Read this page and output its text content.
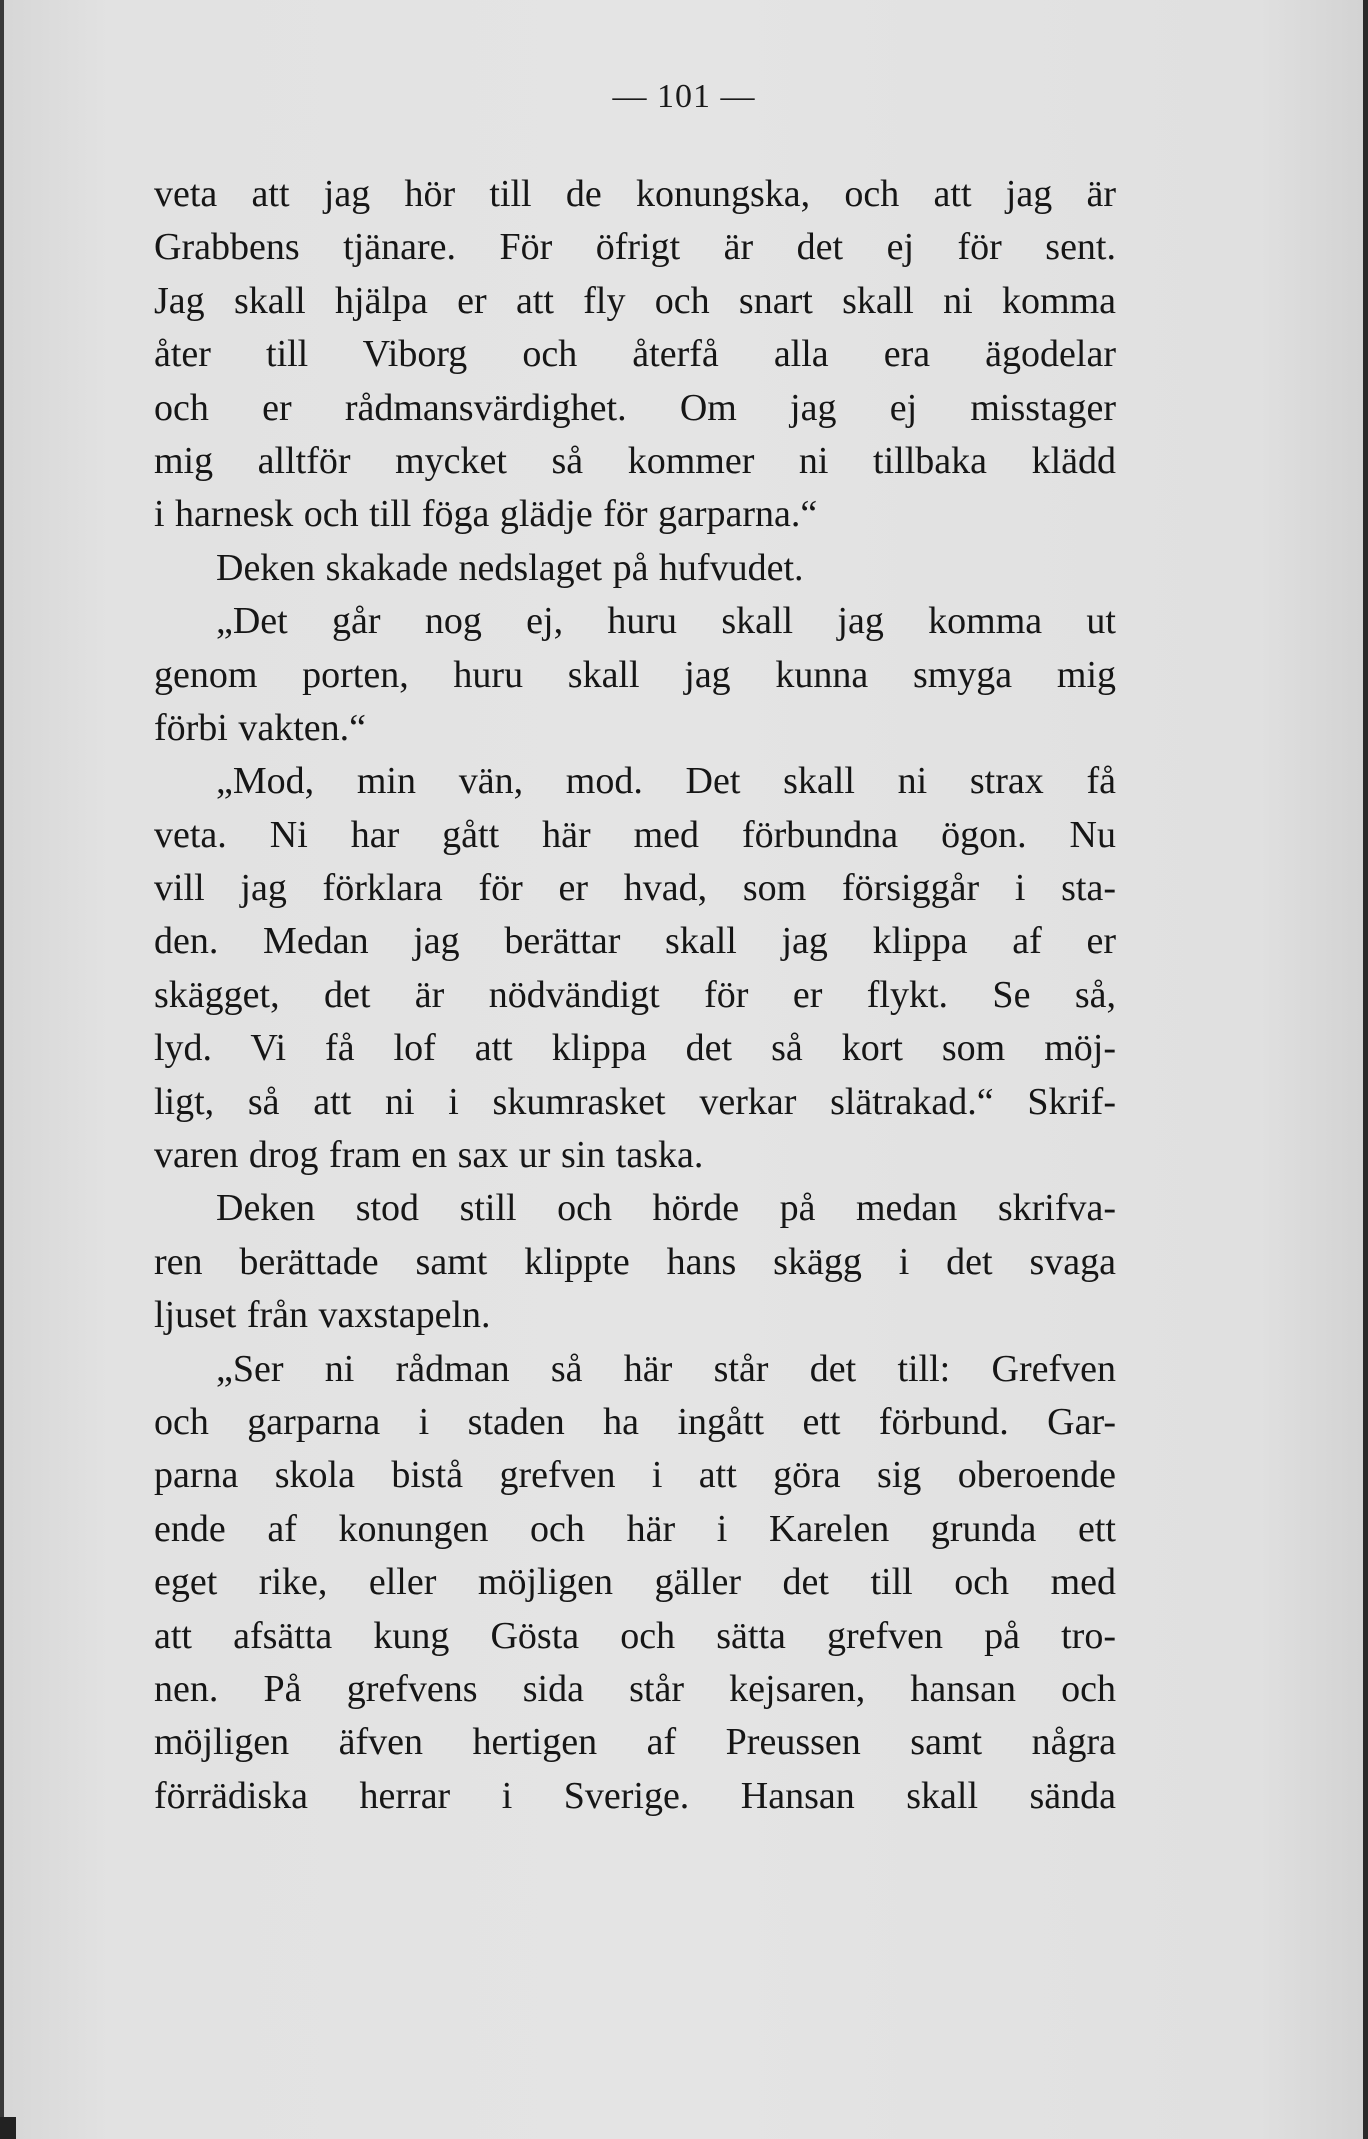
— 101 —

veta att jag hör till de konungska, och att jag är
Grabbens tjänare. För öfrigt är det ej för sent.
Jag skall hjälpa er att fly och snart skall ni komma
åter till Viborg och återfå alla era ägodelar
och er rådmansvärdighet. Om jag ej misstager
mig alltför mycket så kommer ni tillbaka klädd
i harnesk och till föga glädje för garparna.“
Deken skakade nedslaget på hufvudet.
„Det går nog ej, huru skall jag komma ut
genom porten, huru skall jag kunna smyga mig
förbi vakten.“
„Mod, min vän, mod. Det skall ni strax få
veta. Ni har gått här med förbundna ögon. Nu
vill jag förklara för er hvad, som försiggår i sta-
den. Medan jag berättar skall jag klippa af er
skägget, det är nödvändigt för er flykt. Se så,
lyd. Vi få lof att klippa det så kort som möj-
ligt, så att ni i skumrasket verkar slätrakad.“ Skrif-
varen drog fram en sax ur sin taska.
Deken stod still och hörde på medan skrifva-
ren berättade samt klippte hans skägg i det svaga
ljuset från vaxstapeln.
„Ser ni rådman så här står det till: Grefven
och garparna i staden ha ingått ett förbund. Gar-
parna skola bistå grefven i att göra sig oberoende
ende af konungen och här i Karelen grunda ett
eget rike, eller möjligen gäller det till och med
att afsätta kung Gösta och sätta grefven på tro-
nen. På grefvens sida står kejsaren, hansan och
möjligen äfven hertigen af Preussen samt några
förrädiska herrar i Sverige. Hansan skall sända
